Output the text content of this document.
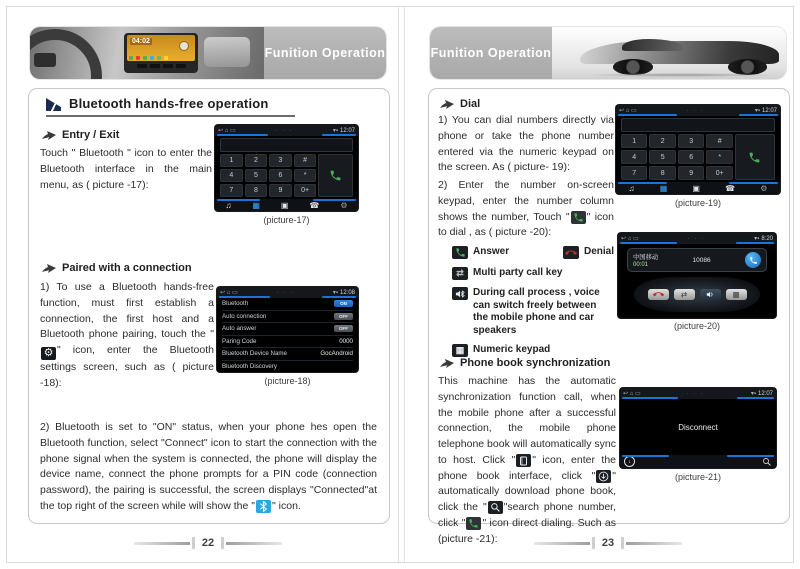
04:02
Funition Operation
Bluetooth hands-free operation
Entry / Exit
Touch " Bluetooth " icon to enter the Bluetooth interface in the main menu, as ( picture -17):
↩ ⌂ ▭	· · ·	▾▪ 12:07
1	2	3	#
4	5	6	*
7	8	9	0+
♫	▦	▣	☎	⚙
(picture-17)
Paired with a connection
1) To use a Bluetooth hands-free function, must first establish a connection, the first host and a Bluetooth phone pairing, touch the "⚙ " icon, enter the Bluetooth settings screen, such as ( picture -18):
↩ ⌂ ▭	· · ·	▾▪ 12:08
Bluetooth	ON
Auto connection	OFF
Auto answer	OFF
Paring Code	0000
Bluetooth Device Name	GocAndroid
Bluetooth Discovery
(picture-18)
2) Bluetooth is set to "ON" status, when your phone hes open the Bluetooth function, select "Connect" icon to start the connection with the phone signal when the system is connected, the phone will display the device name, connect the phone prompts for a PIN code (connection password), the pairing is successful, the screen displays "Connected"at the top right of the screen while will show the " " icon.
22
Funition Operation
Dial
1) You can dial numbers directly via phone or take the phone number entered via the numeric keypad on the screen. As ( picture- 19):
2) Enter the number on-screen keypad, enter the number column shows the number, Touch " " icon to dial , as ( picture -20):
↩ ⌂ ▭	· · ·	▾▪ 12:07
1	2	3	#
4	5	6	*
7	8	9	0+
♫	▦	▣	☎	⚙
(picture-19)
Answer	Denial
⇄ Multi party call key
During call process , voice can switch freely between the mobile phone and car speakers
▦ Numeric keypad
↩ ⌂ ▭	· · ·	▾▪ 8:20
中国移动
00:01
10086
⇄	▦
(picture-20)
Phone book synchronization
This machine has the automatic synchronization function call, when the mobile phone after a successful connection, the mobile phone telephone book will automatically sync to host. Click " " icon, enter the phone book interface, click " " automatically download phone book, click the " "search phone number, click " " icon direct dialing. Such as (picture -21):
↩ ⌂ ▭	· · ·	▾▪ 12:07
Disconnect
↓
(picture-21)
23
